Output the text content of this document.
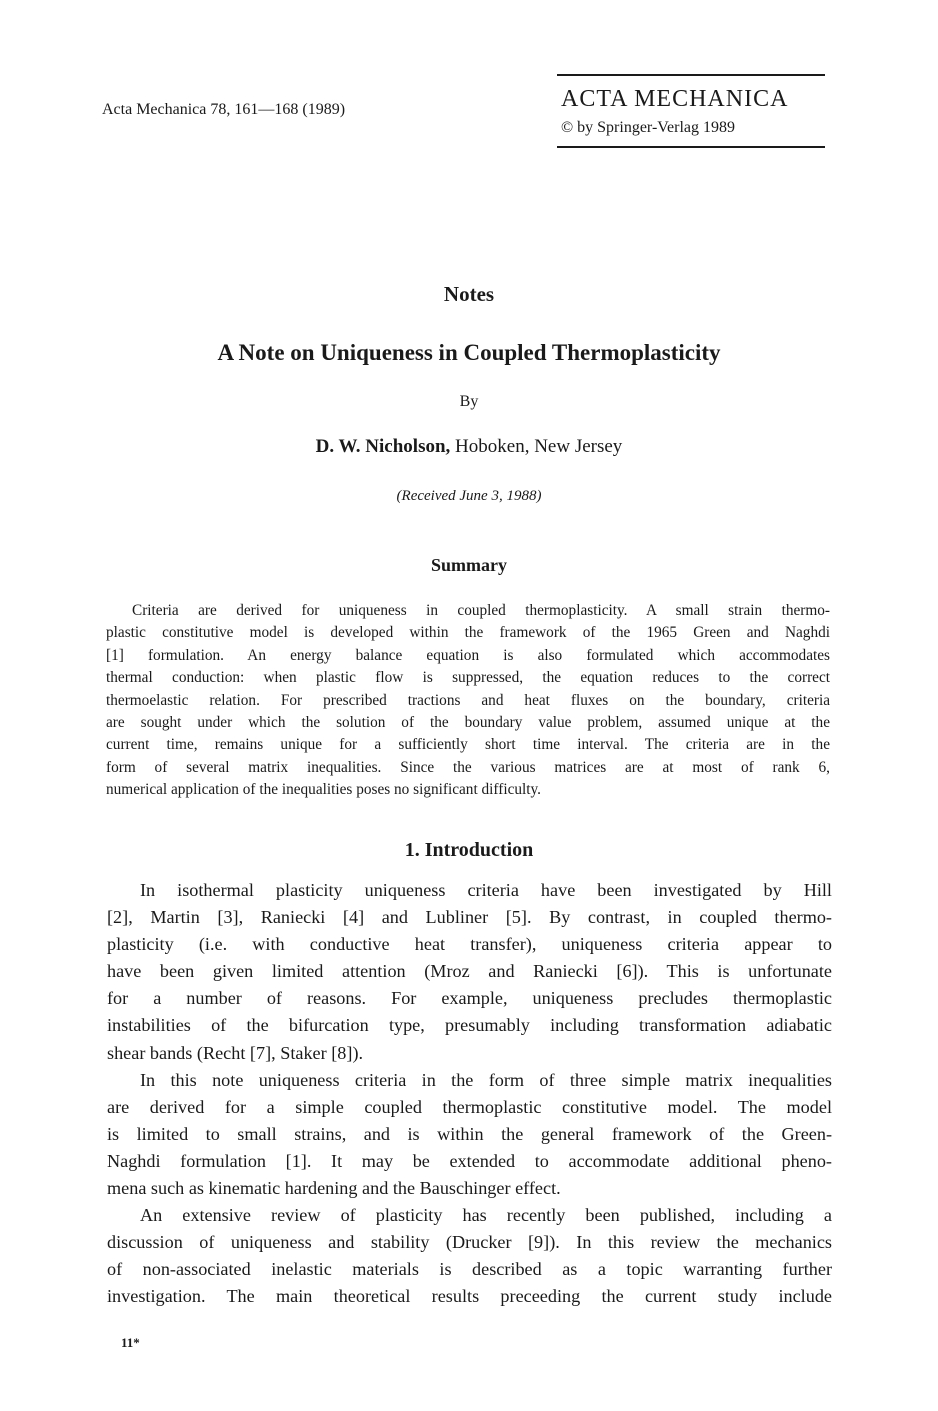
Acta Mechanica 78, 161—168 (1989)	ACTA MECHANICA
© by Springer-Verlag 1989
Notes
A Note on Uniqueness in Coupled Thermoplasticity
By
D. W. Nicholson, Hoboken, New Jersey
(Received June 3, 1988)
Summary
Criteria are derived for uniqueness in coupled thermoplasticity. A small strain thermo-
plastic constitutive model is developed within the framework of the 1965 Green and Naghdi
[1] formulation. An energy balance equation is also formulated which accommodates
thermal conduction: when plastic flow is suppressed, the equation reduces to the correct
thermoelastic relation. For prescribed tractions and heat fluxes on the boundary, criteria
are sought under which the solution of the boundary value problem, assumed unique at the
current time, remains unique for a sufficiently short time interval. The criteria are in the
form of several matrix inequalities. Since the various matrices are at most of rank 6,
numerical application of the inequalities poses no significant difficulty.
1. Introduction
In isothermal plasticity uniqueness criteria have been investigated by Hill
[2], Martin [3], Raniecki [4] and Lubliner [5]. By contrast, in coupled thermo-
plasticity (i.e. with conductive heat transfer), uniqueness criteria appear to
have been given limited attention (Mroz and Raniecki [6]). This is unfortunate
for a number of reasons. For example, uniqueness precludes thermoplastic
instabilities of the bifurcation type, presumably including transformation adiabatic
shear bands (Recht [7], Staker [8]).
In this note uniqueness criteria in the form of three simple matrix inequalities
are derived for a simple coupled thermoplastic constitutive model. The model
is limited to small strains, and is within the general framework of the Green-
Naghdi formulation [1]. It may be extended to accommodate additional pheno-
mena such as kinematic hardening and the Bauschinger effect.
An extensive review of plasticity has recently been published, including a
discussion of uniqueness and stability (Drucker [9]). In this review the mechanics
of non-associated inelastic materials is described as a topic warranting further
investigation. The main theoretical results preceeding the current study include
11*
